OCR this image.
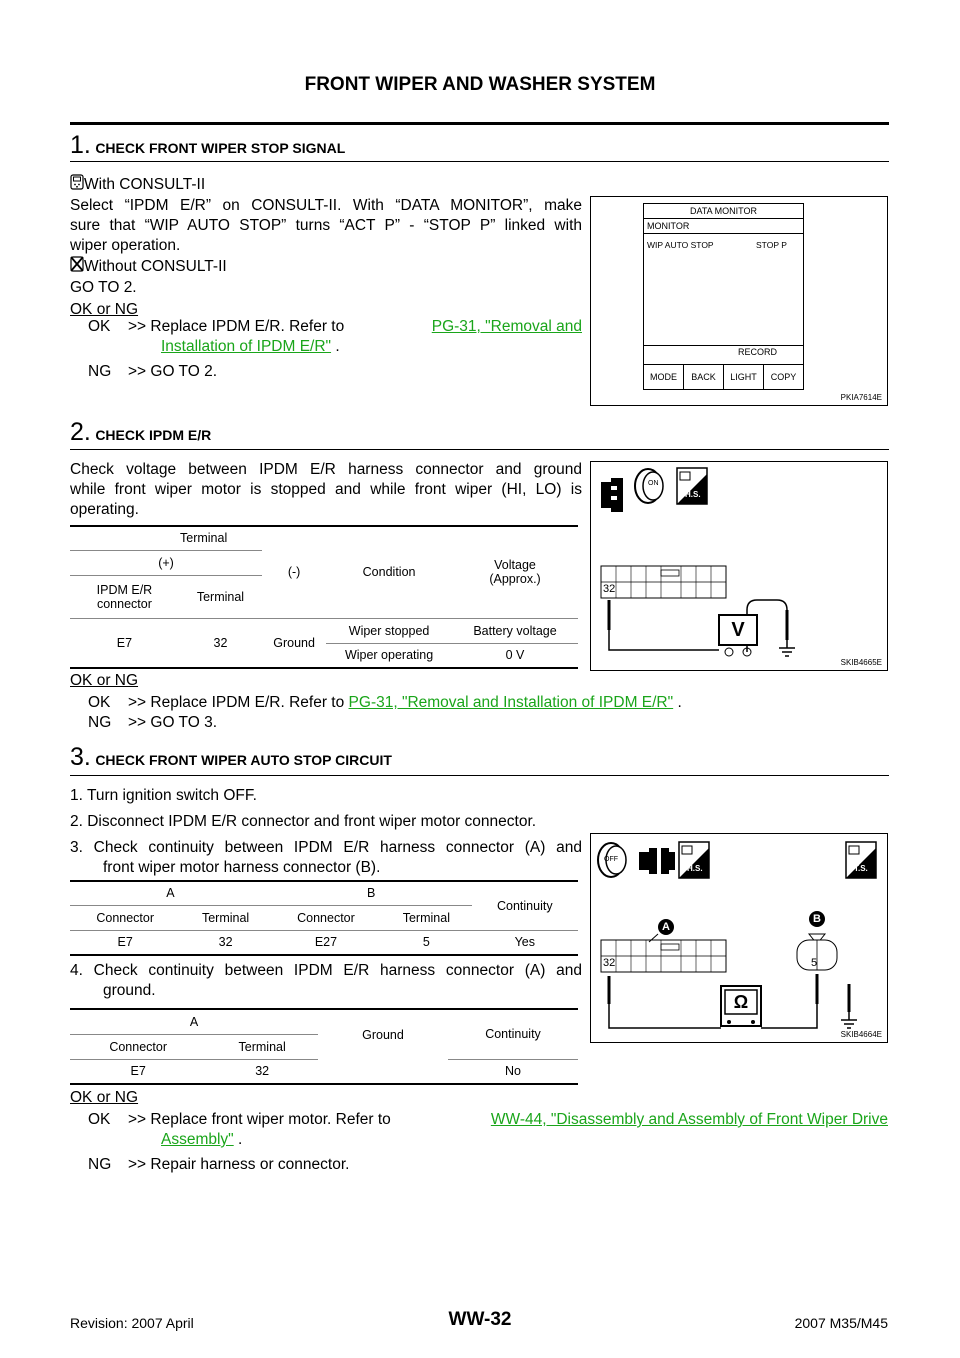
FRONT WIPER AND WASHER SYSTEM
1. CHECK FRONT WIPER STOP SIGNAL
With CONSULT-II
Select “IPDM E/R” on CONSULT-II. With “DATA MONITOR”, make
sure that “WIP AUTO STOP” turns “ACT P” - “STOP P” linked with
wiper operation.
Without CONSULT-II
GO TO 2.
OK or NG
OK	>> Replace IPDM E/R. Refer to	PG-31, "Removal and
Installation of IPDM E/R" .
NG	>> GO TO 2.
DATA MONITOR
MONITOR
WIP AUTO STOP	STOP P
RECORD
MODE	BACK	LIGHT	COPY
PKIA7614E
2. CHECK IPDM E/R
Check voltage between IPDM E/R harness connector and ground
while front wiper motor is stopped and while front wiper (HI, LO) is
operating.
Terminal		(-)	Condition	Voltage
(Approx.)
(+)				
IPDM E/R
connector	Terminal			
E7	32	Ground	Wiper stopped	Battery voltage
			Wiper operating	0 V
OK or NG
OK	>> Replace IPDM E/R. Refer to PG-31, "Removal and Installation of IPDM E/R" .
NG	>> GO TO 3.
ON
H.S.
32
V
SKIB4665E
3. CHECK FRONT WIPER AUTO STOP CIRCUIT
1. Turn ignition switch OFF.
2. Disconnect IPDM E/R connector and front wiper motor connector.
3. Check continuity between IPDM E/R harness connector (A) and
front wiper motor harness connector (B).
A		B		Continuity
Connector	Terminal	Connector	Terminal	
E7	32	E27	5	Yes
4. Check continuity between IPDM E/R harness connector (A) and
ground.
A		Ground	Continuity
Connector	Terminal		
E7	32		No
OK or NG
OK	>> Replace front wiper motor. Refer to	WW-44, "Disassembly and Assembly of Front Wiper Drive
Assembly" .
NG	>> Repair harness or connector.
OFF
H.S.	T.S.
A
B
32	5
Ω
SKIB4664E
Revision: 2007 April	WW-32	2007 M35/M45
